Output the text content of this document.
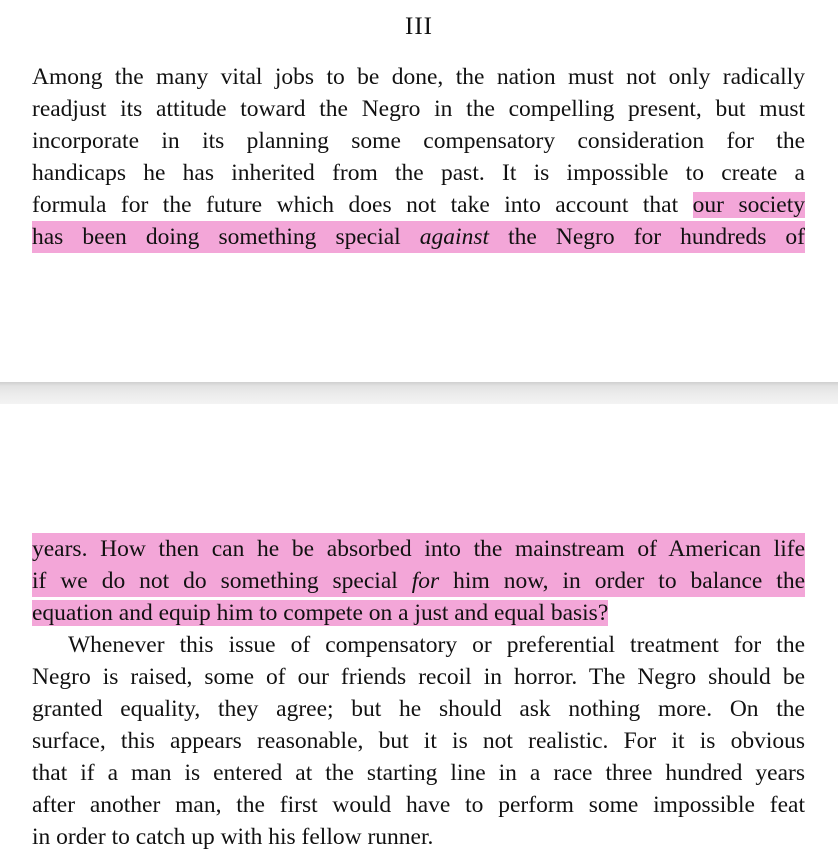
III
Among the many vital jobs to be done, the nation must not only radically
readjust its attitude toward the Negro in the compelling present, but must
incorporate in its planning some compensatory consideration for the
handicaps he has inherited from the past. It is impossible to create a
formula for the future which does not take into account that our society
has been doing something special against the Negro for hundreds of
years. How then can he be absorbed into the mainstream of American life
if we do not do something special for him now, in order to balance the
equation and equip him to compete on a just and equal basis?
Whenever this issue of compensatory or preferential treatment for the
Negro is raised, some of our friends recoil in horror. The Negro should be
granted equality, they agree; but he should ask nothing more. On the
surface, this appears reasonable, but it is not realistic. For it is obvious
that if a man is entered at the starting line in a race three hundred years
after another man, the first would have to perform some impossible feat
in order to catch up with his fellow runner.
